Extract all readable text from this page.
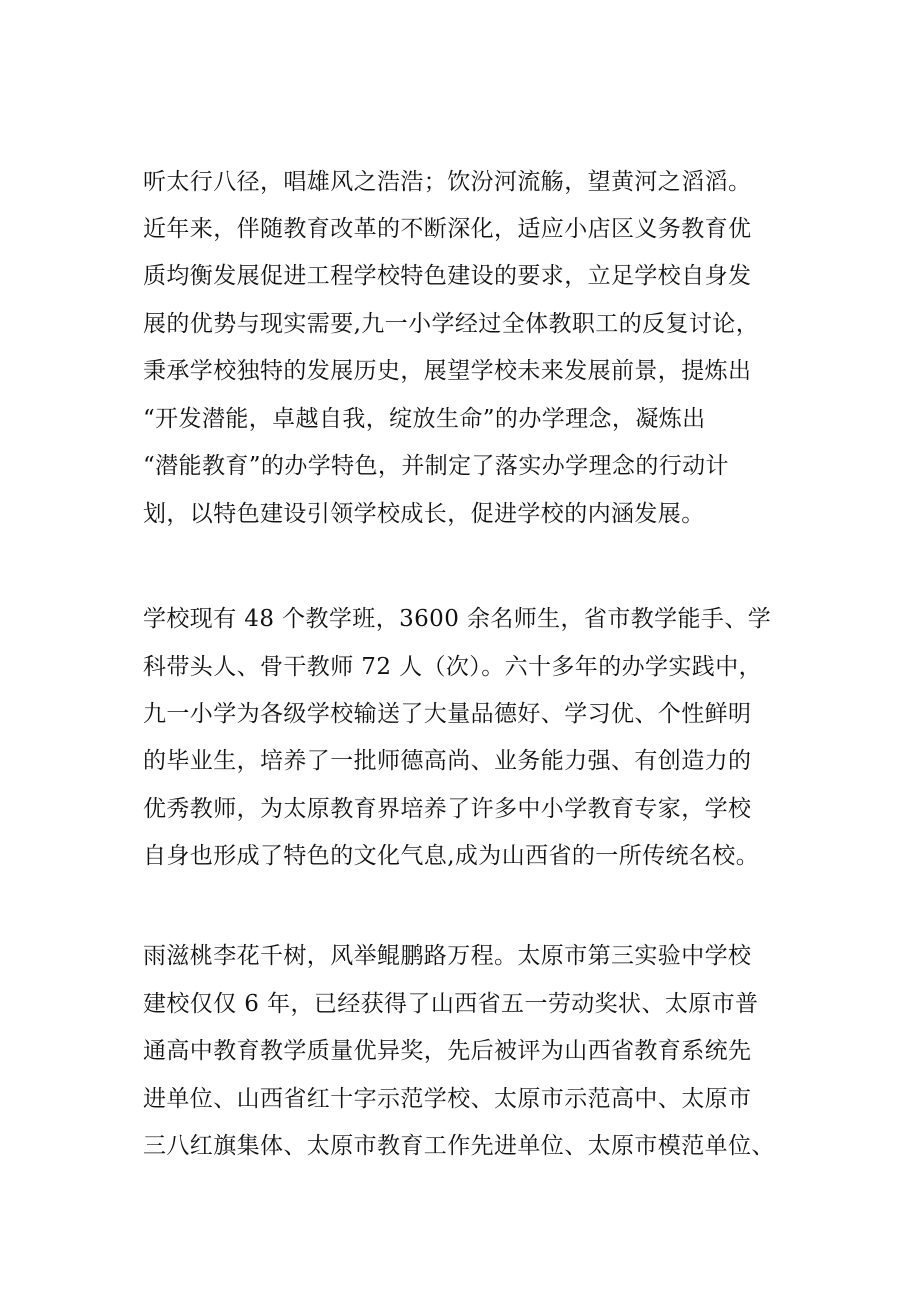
听太行八径，唱雄风之浩浩；饮汾河流觞，望黄河之滔滔。

近年来，伴随教育改革的不断深化，适应小店区义务教育优

质均衡发展促进工程学校特色建设的要求，立足学校自身发

展的优势与现实需要,九一小学经过全体教职工的反复讨论，

秉承学校独特的发展历史，展望学校未来发展前景，提炼出

“开发潜能，卓越自我，绽放生命”的办学理念，凝炼出

“潜能教育”的办学特色，并制定了落实办学理念的行动计

划，以特色建设引领学校成长，促进学校的内涵发展。

学校现有 48 个教学班，3600 余名师生，省市教学能手、学

科带头人、骨干教师 72 人（次）。六十多年的办学实践中，

九一小学为各级学校输送了大量品德好、学习优、个性鲜明

的毕业生，培养了一批师德高尚、业务能力强、有创造力的

优秀教师，为太原教育界培养了许多中小学教育专家，学校

自身也形成了特色的文化气息,成为山西省的一所传统名校。

雨滋桃李花千树，风举鲲鹏路万程。太原市第三实验中学校

建校仅仅 6 年，已经获得了山西省五一劳动奖状、太原市普

通高中教育教学质量优异奖，先后被评为山西省教育系统先

进单位、山西省红十字示范学校、太原市示范高中、太原市

三八红旗集体、太原市教育工作先进单位、太原市模范单位、
